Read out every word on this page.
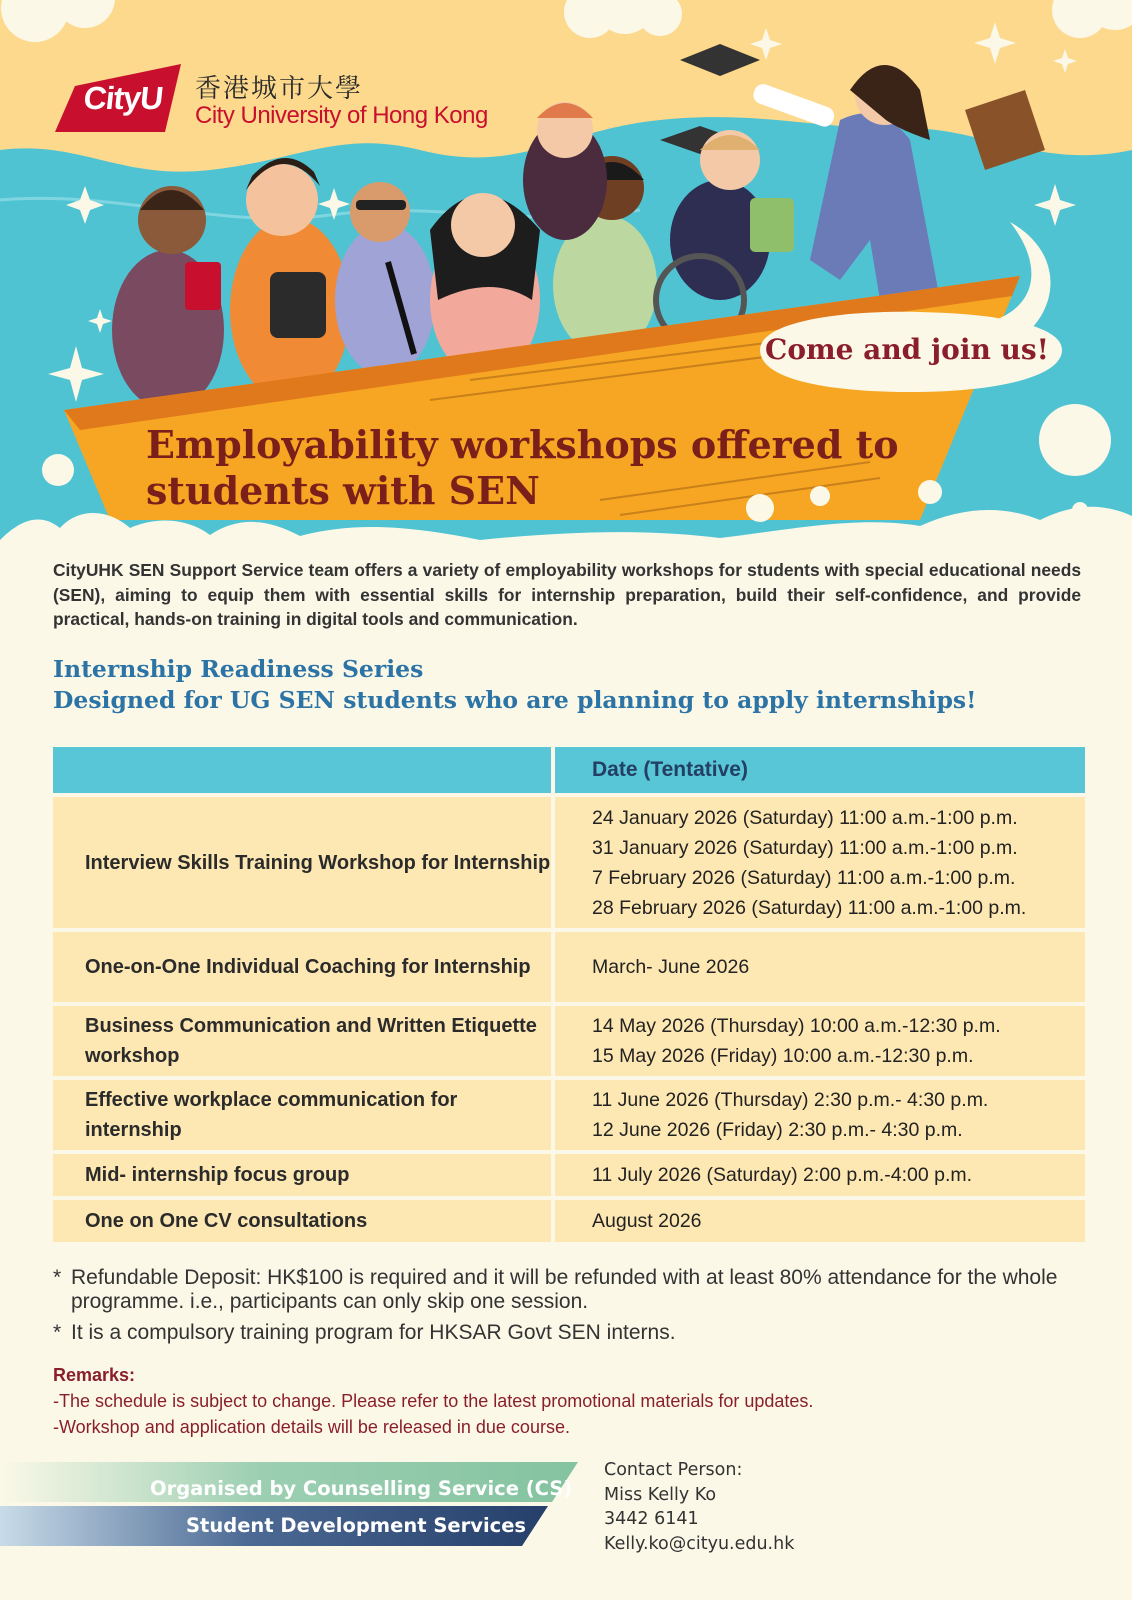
CityU	香港城市大學
City University of Hong Kong
Come and join us!
Employability workshops offered to
students with SEN

CityUHK SEN Support Service team offers a variety of employability workshops for students with special educational needs (SEN), aiming to equip them with essential skills for internship preparation, build their self-confidence, and provide practical, hands-on training in digital tools and communication.

Internship Readiness Series
Designed for UG SEN students who are planning to apply internships!
	Date (Tentative)
Interview Skills Training Workshop for Internship	24 January 2026 (Saturday) 11:00 a.m.-1:00 p.m.
31 January 2026 (Saturday) 11:00 a.m.-1:00 p.m.
7 February 2026 (Saturday) 11:00 a.m.-1:00 p.m.
28 February 2026 (Saturday) 11:00 a.m.-1:00 p.m.

One-on-One Individual Coaching for Internship	March- June 2026

Business Communication and Written Etiquette workshop	14 May 2026 (Thursday) 10:00 a.m.-12:30 p.m.
15 May 2026 (Friday) 10:00 a.m.-12:30 p.m.

Effective workplace communication for internship	11 June 2026 (Thursday) 2:30 p.m.- 4:30 p.m.
12 June 2026 (Friday) 2:30 p.m.- 4:30 p.m.

Mid- internship focus group	11 July 2026 (Saturday) 2:00 p.m.-4:00 p.m.

One on One CV consultations	August 2026
* Refundable Deposit: HK$100 is required and it will be refunded with at least 80% attendance for the whole programme. i.e., participants can only skip one session.
* It is a compulsory training program for HKSAR Govt SEN interns.
Remarks:
-The schedule is subject to change. Please refer to the latest promotional materials for updates.
-Workshop and application details will be released in due course.
Organised by Counselling Service (CS)
Student Development Services
Contact Person:
Miss Kelly Ko
3442 6141
Kelly.ko@cityu.edu.hk
